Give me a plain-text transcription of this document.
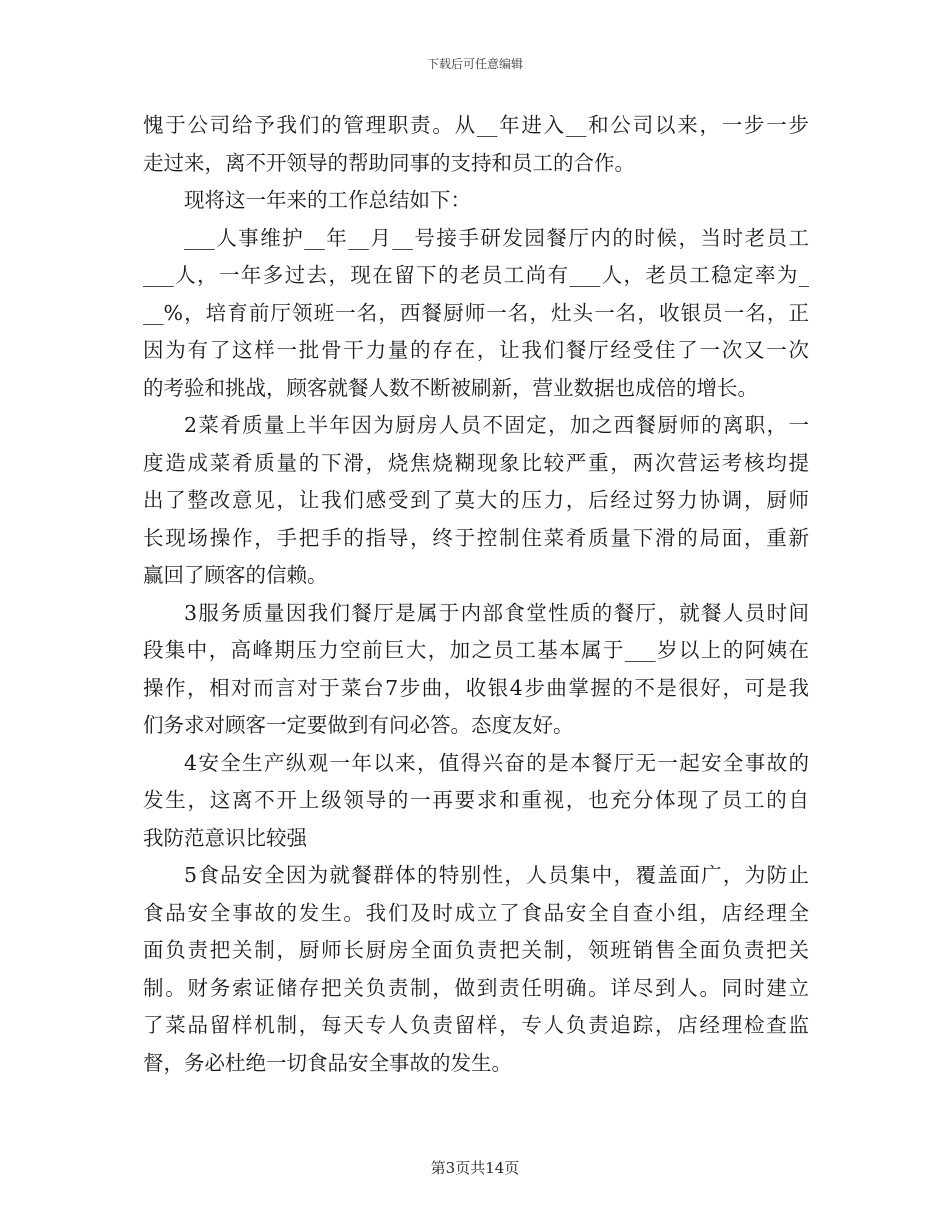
下载后可任意编辑
愧于公司给予我们的管理职责。从__年进入__和公司以来，一步一步
走过来，离不开领导的帮助同事的支持和员工的合作。
现将这一年来的工作总结如下：
___人事维护__年__月__号接手研发园餐厅内的时候，当时老员工
___人，一年多过去，现在留下的老员工尚有___人，老员工稳定率为_
__%，培育前厅领班一名，西餐厨师一名，灶头一名，收银员一名，正
因为有了这样一批骨干力量的存在，让我们餐厅经受住了一次又一次
的考验和挑战，顾客就餐人数不断被刷新，营业数据也成倍的增长。
2菜肴质量上半年因为厨房人员不固定，加之西餐厨师的离职，一
度造成菜肴质量的下滑，烧焦烧糊现象比较严重，两次营运考核均提
出了整改意见，让我们感受到了莫大的压力，后经过努力协调，厨师
长现场操作，手把手的指导，终于控制住菜肴质量下滑的局面，重新
赢回了顾客的信赖。
3服务质量因我们餐厅是属于内部食堂性质的餐厅，就餐人员时间
段集中，高峰期压力空前巨大，加之员工基本属于___岁以上的阿姨在
操作，相对而言对于菜台7步曲，收银4步曲掌握的不是很好，可是我
们务求对顾客一定要做到有问必答。态度友好。
4安全生产纵观一年以来，值得兴奋的是本餐厅无一起安全事故的
发生，这离不开上级领导的一再要求和重视，也充分体现了员工的自
我防范意识比较强
5食品安全因为就餐群体的特别性，人员集中，覆盖面广，为防止
食品安全事故的发生。我们及时成立了食品安全自查小组，店经理全
面负责把关制，厨师长厨房全面负责把关制，领班销售全面负责把关
制。财务索证储存把关负责制，做到责任明确。详尽到人。同时建立
了菜品留样机制，每天专人负责留样，专人负责追踪，店经理检查监
督，务必杜绝一切食品安全事故的发生。
第3页共14页
